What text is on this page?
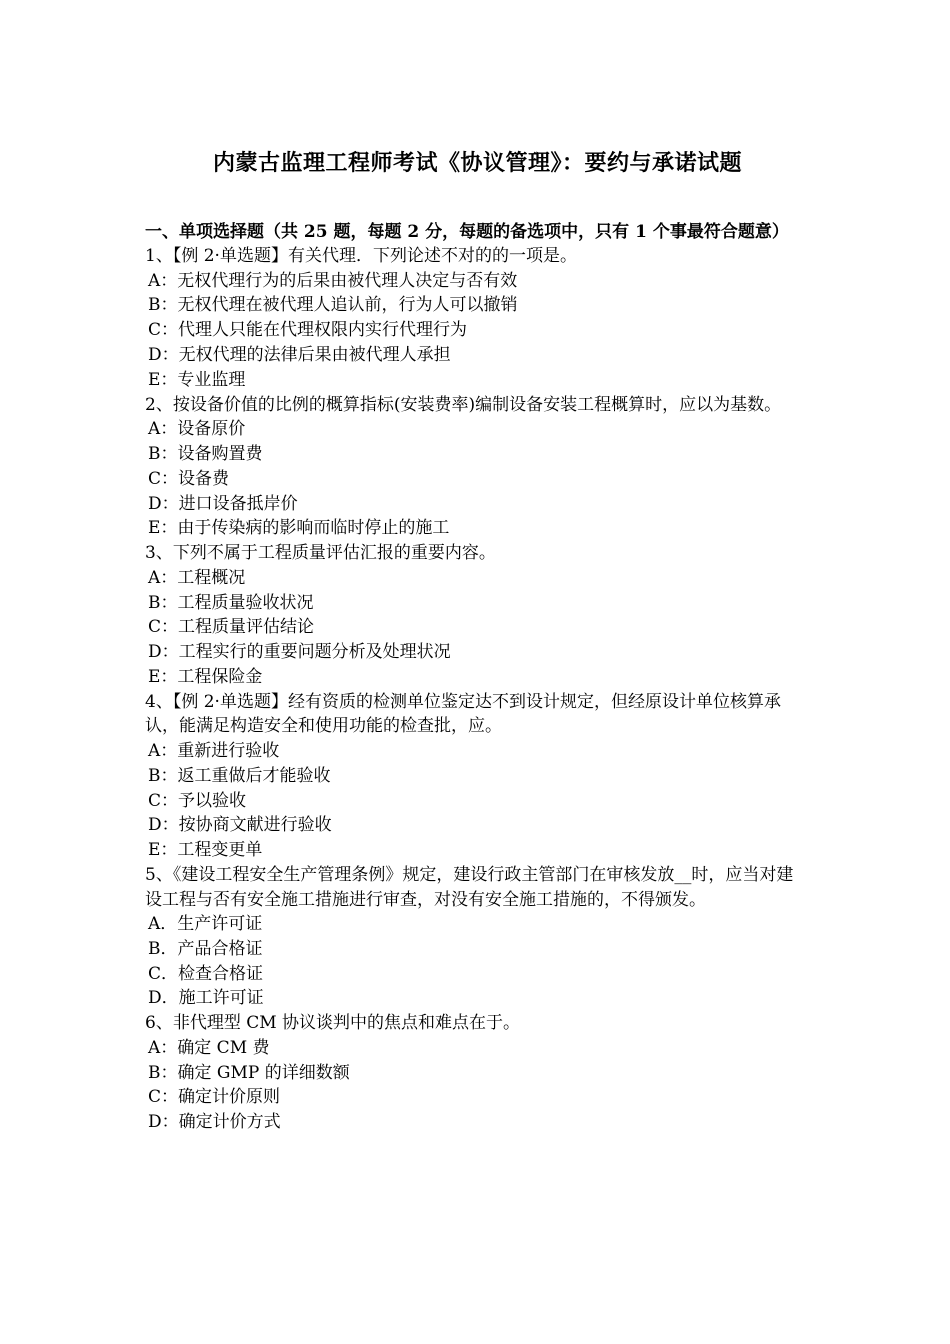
内蒙古监理工程师考试《协议管理》：要约与承诺试题

一、单项选择题（共 25 题，每题 2 分，每题的备选项中，只有 1 个事最符合题意）

1、【例 2·单选题】有关代理．下列论述不对的的一项是。

A：无权代理行为的后果由被代理人决定与否有效

B：无权代理在被代理人追认前，行为人可以撤销

C：代理人只能在代理权限内实行代理行为

D：无权代理的法律后果由被代理人承担

E：专业监理

2、按设备价值的比例的概算指标(安装费率)编制设备安装工程概算时，应以为基数。

A：设备原价

B：设备购置费

C：设备费

D：进口设备抵岸价

E：由于传染病的影响而临时停止的施工

3、下列不属于工程质量评估汇报的重要内容。

A：工程概况

B：工程质量验收状况

C：工程质量评估结论

D：工程实行的重要问题分析及处理状况

E：工程保险金

4、【例 2·单选题】经有资质的检测单位鉴定达不到设计规定，但经原设计单位核算承认，能满足构造安全和使用功能的检查批，应。

A：重新进行验收

B：返工重做后才能验收

C：予以验收

D：按协商文献进行验收

E：工程变更单

5、《建设工程安全生产管理条例》规定，建设行政主管部门在审核发放__时，应当对建设工程与否有安全施工措施进行审查，对没有安全施工措施的，不得颁发。

A．生产许可证

B．产品合格证

C．检查合格证

D．施工许可证

6、非代理型 CM 协议谈判中的焦点和难点在于。

A：确定 CM 费

B：确定 GMP 的详细数额

C：确定计价原则

D：确定计价方式
